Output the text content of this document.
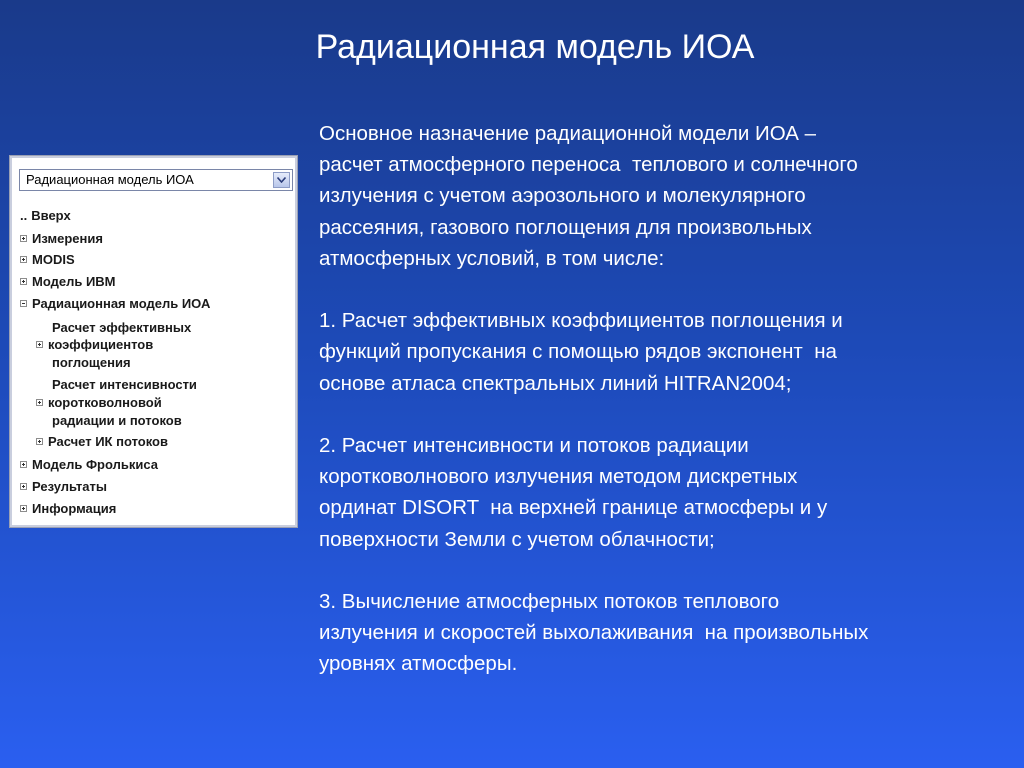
Радиационная модель ИОА

Основное назначение радиационной модели ИОА –
расчет атмосферного переноса  теплового и солнечного
излучения с учетом аэрозольного и молекулярного
рассеяния, газового поглощения для произвольных
атмосферных условий, в том числе:

1. Расчет эффективных коэффициентов поглощения и
функций пропускания с помощью рядов экспонент  на
основе атласа спектральных линий HITRAN2004;

2. Расчет интенсивности и потоков радиации
коротковолнового излучения методом дискретных
ординат DISORT  на верхней границе атмосферы и у
поверхности Земли с учетом облачности;

3. Вычисление атмосферных потоков теплового
излучения и скоростей выхолаживания  на произвольных
уровнях атмосферы.

Радиационная модель ИОА
.. Вверх
Измерения
MODIS
Модель ИВМ
Радиационная модель ИОА
Расчет эффективных
коэффициентов
поглощения
Расчет интенсивности
коротковолновой
радиации и потоков
Расчет ИК потоков
Модель Фролькиса
Результаты
Информация
